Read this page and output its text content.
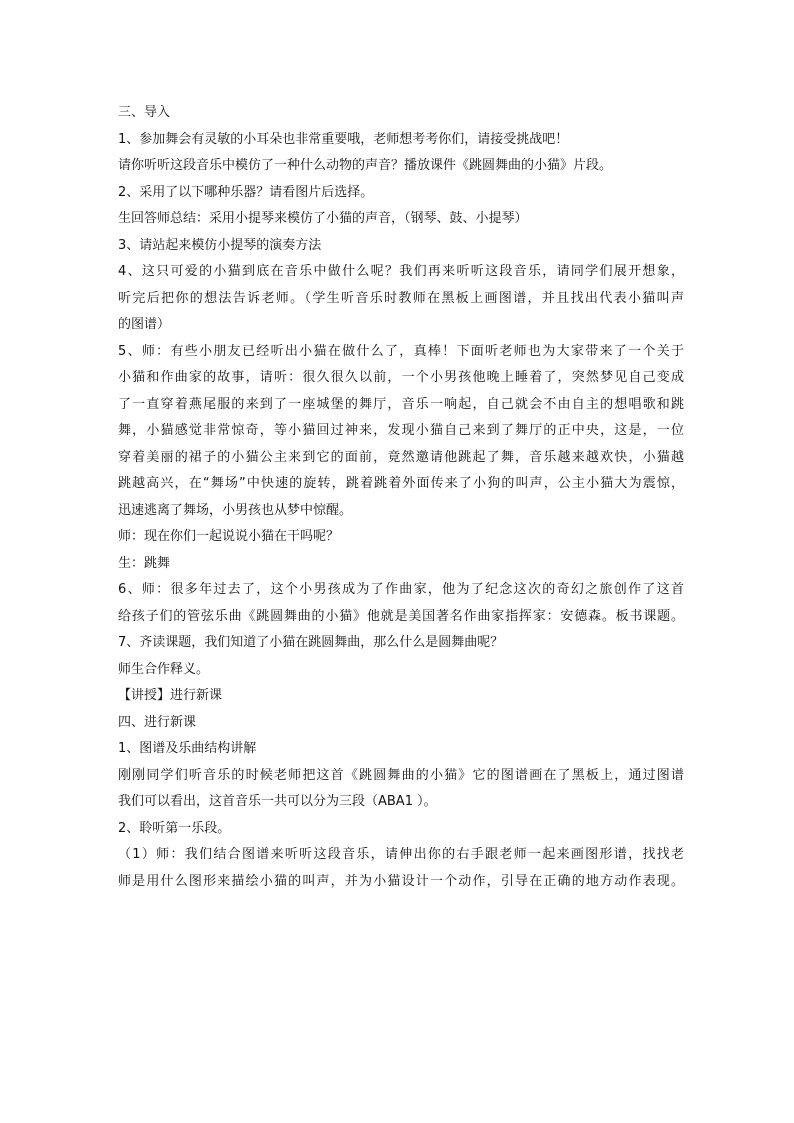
三、导入
1、参加舞会有灵敏的小耳朵也非常重要哦，老师想考考你们，请接受挑战吧！
请你听听这段音乐中模仿了一种什么动物的声音？播放课件《跳圆舞曲的小猫》片段。
2、采用了以下哪种乐器？请看图片后选择。
生回答师总结：采用小提琴来模仿了小猫的声音，（钢琴、鼓、小提琴）
3、请站起来模仿小提琴的演奏方法
4、这只可爱的小猫到底在音乐中做什么呢？我们再来听听这段音乐，请同学们展开想象，
听完后把你的想法告诉老师。（学生听音乐时教师在黑板上画图谱，并且找出代表小猫叫声
的图谱）
5、师：有些小朋友已经听出小猫在做什么了，真棒！下面听老师也为大家带来了一个关于
小猫和作曲家的故事，请听：很久很久以前，一个小男孩他晚上睡着了，突然梦见自己变成
了一直穿着燕尾服的来到了一座城堡的舞厅，音乐一响起，自己就会不由自主的想唱歌和跳
舞，小猫感觉非常惊奇，等小猫回过神来，发现小猫自己来到了舞厅的正中央，这是，一位
穿着美丽的裙子的小猫公主来到它的面前，竟然邀请他跳起了舞，音乐越来越欢快，小猫越
跳越高兴，在“舞场”中快速的旋转，跳着跳着外面传来了小狗的叫声，公主小猫大为震惊，
迅速逃离了舞场，小男孩也从梦中惊醒。
师：现在你们一起说说小猫在干吗呢？
生：跳舞
6、师：很多年过去了，这个小男孩成为了作曲家，他为了纪念这次的奇幻之旅创作了这首
给孩子们的管弦乐曲《跳圆舞曲的小猫》他就是美国著名作曲家指挥家：安德森。板书课题。
7、齐读课题，我们知道了小猫在跳圆舞曲，那么什么是圆舞曲呢？
师生合作释义。
【讲授】进行新课
四、进行新课
1、图谱及乐曲结构讲解
刚刚同学们听音乐的时候老师把这首《跳圆舞曲的小猫》它的图谱画在了黑板上，通过图谱
我们可以看出，这首音乐一共可以分为三段（ABA1 ）。
2、聆听第一乐段。
（1）师：我们结合图谱来听听这段音乐，请伸出你的右手跟老师一起来画图形谱，找找老
师是用什么图形来描绘小猫的叫声，并为小猫设计一个动作，引导在正确的地方动作表现。
